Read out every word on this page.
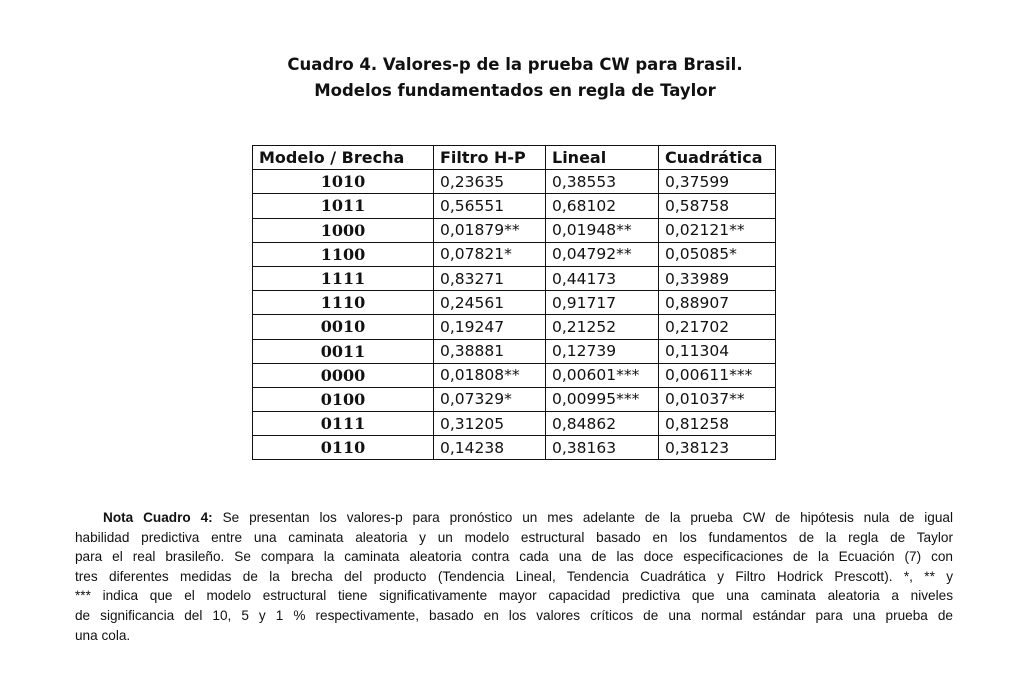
Cuadro 4. Valores-p de la prueba CW para Brasil.
Modelos fundamentados en regla de Taylor
Modelo / Brecha	Filtro H-P	Lineal	Cuadrática
1010	0,23635	0,38553	0,37599
1011	0,56551	0,68102	0,58758
1000	0,01879**	0,01948**	0,02121**
1100	0,07821*	0,04792**	0,05085*
1111	0,83271	0,44173	0,33989
1110	0,24561	0,91717	0,88907
0010	0,19247	0,21252	0,21702
0011	0,38881	0,12739	0,11304
0000	0,01808**	0,00601***	0,00611***
0100	0,07329*	0,00995***	0,01037**
0111	0,31205	0,84862	0,81258
0110	0,14238	0,38163	0,38123
Nota Cuadro 4: Se presentan los valores-p para pronóstico un mes adelante de la prueba CW de hipótesis nula de igual
habilidad predictiva entre una caminata aleatoria y un modelo estructural basado en los fundamentos de la regla de Taylor
para el real brasileño. Se compara la caminata aleatoria contra cada una de las doce especificaciones de la Ecuación (7) con
tres diferentes medidas de la brecha del producto (Tendencia Lineal, Tendencia Cuadrática y Filtro Hodrick Prescott). *, ** y
*** indica que el modelo estructural tiene significativamente mayor capacidad predictiva que una caminata aleatoria a niveles
de significancia del 10, 5 y 1 % respectivamente, basado en los valores críticos de una normal estándar para una prueba de
una cola.
